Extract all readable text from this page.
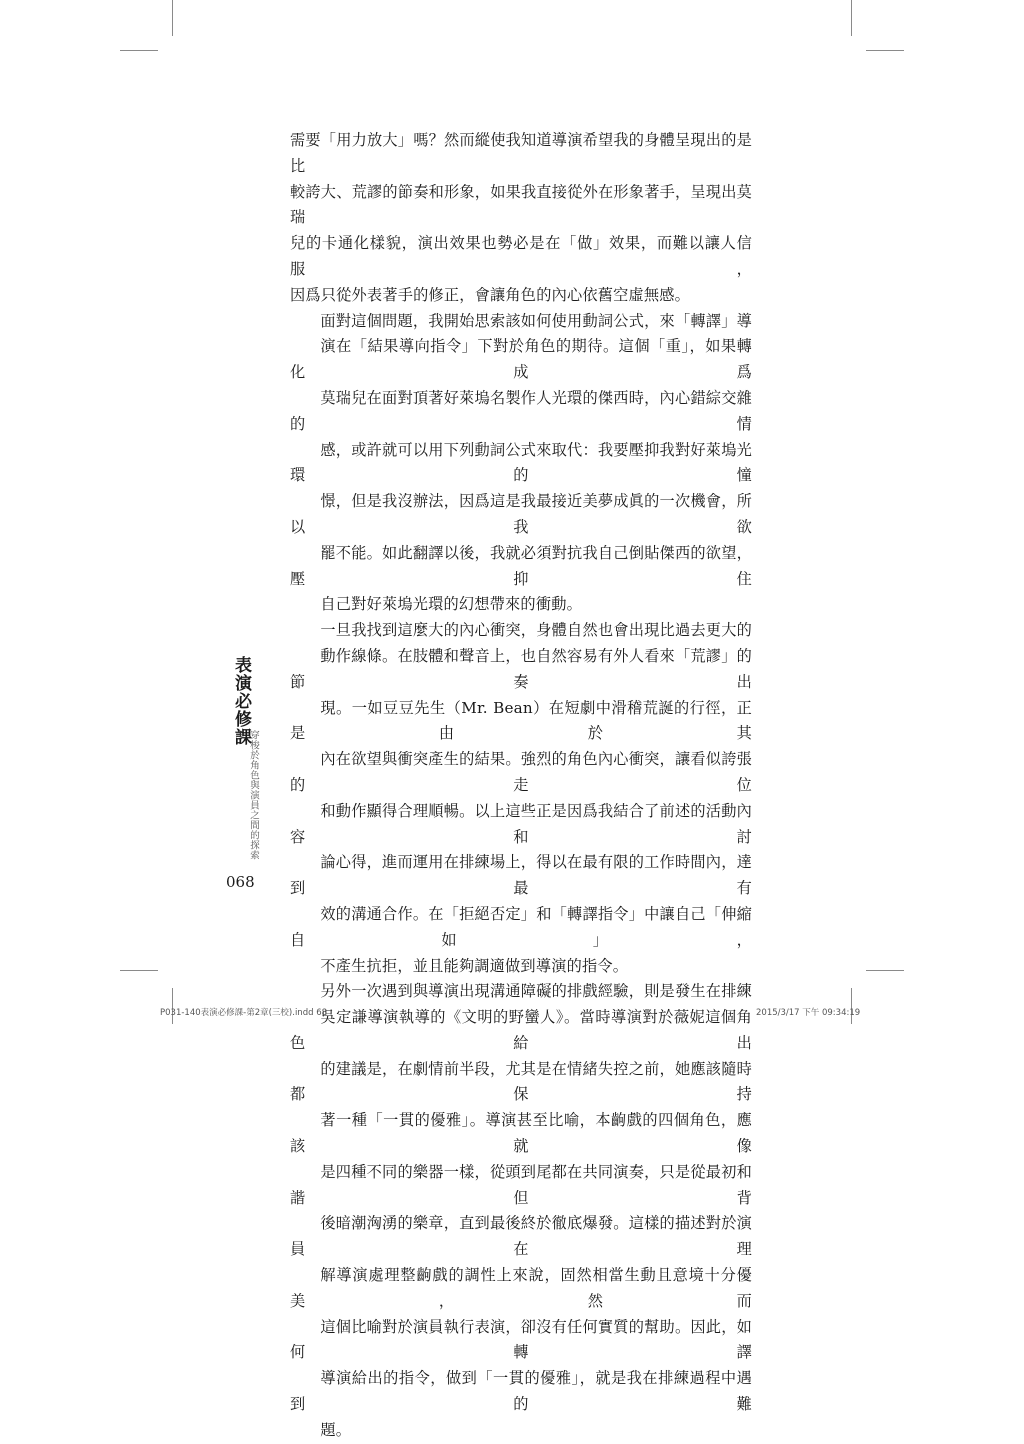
需要「用力放大」嗎？然而縱使我知道導演希望我的身體呈現出的是比
較誇大、荒謬的節奏和形象，如果我直接從外在形象著手，呈現出莫瑞
兒的卡通化樣貌，演出效果也勢必是在「做」效果，而難以讓人信服，
因爲只從外表著手的修正，會讓角色的內心依舊空虛無感。

面對這個問題，我開始思索該如何使用動詞公式，來「轉譯」導
演在「結果導向指令」下對於角色的期待。這個「重」，如果轉化成爲
莫瑞兒在面對頂著好萊塢名製作人光環的傑西時，內心錯綜交雜的情
感，或許就可以用下列動詞公式來取代：我要壓抑我對好萊塢光環的憧
憬，但是我沒辦法，因爲這是我最接近美夢成眞的一次機會，所以我欲
罷不能。如此翻譯以後，我就必須對抗我自己倒貼傑西的欲望，壓抑住
自己對好萊塢光環的幻想帶來的衝動。

一旦我找到這麼大的內心衝突，身體自然也會出現比過去更大的
動作線條。在肢體和聲音上，也自然容易有外人看來「荒謬」的節奏出
現。一如豆豆先生（Mr. Bean）在短劇中滑稽荒誕的行徑，正是由於其
內在欲望與衝突產生的結果。強烈的角色內心衝突，讓看似誇張的走位
和動作顯得合理順暢。以上這些正是因爲我結合了前述的活動內容和討
論心得，進而運用在排練場上，得以在最有限的工作時間內，達到最有
效的溝通合作。在「拒絕否定」和「轉譯指令」中讓自己「伸縮自如」，
不產生抗拒，並且能夠調適做到導演的指令。

另外一次遇到與導演出現溝通障礙的排戲經驗，則是發生在排練
吳定謙導演執導的《文明的野蠻人》。當時導演對於薇妮這個角色給出
的建議是，在劇情前半段，尤其是在情緒失控之前，她應該隨時都保持
著一種「一貫的優雅」。導演甚至比喻，本齣戲的四個角色，應該就像
是四種不同的樂器一樣，從頭到尾都在共同演奏，只是從最初和諧但背
後暗潮洶湧的樂章，直到最後終於徹底爆發。這樣的描述對於演員在理
解導演處理整齣戲的調性上來說，固然相當生動且意境十分優美，然而
這個比喻對於演員執行表演，卻沒有任何實質的幫助。因此，如何轉譯
導演給出的指令，做到「一貫的優雅」，就是我在排練過程中遇到的難
題。

表演必修課
穿梭於角色與演員之間的探索
068
P031-140表演必修課-第2章(三校).indd 68	2015/3/17 下午 09:34:19
